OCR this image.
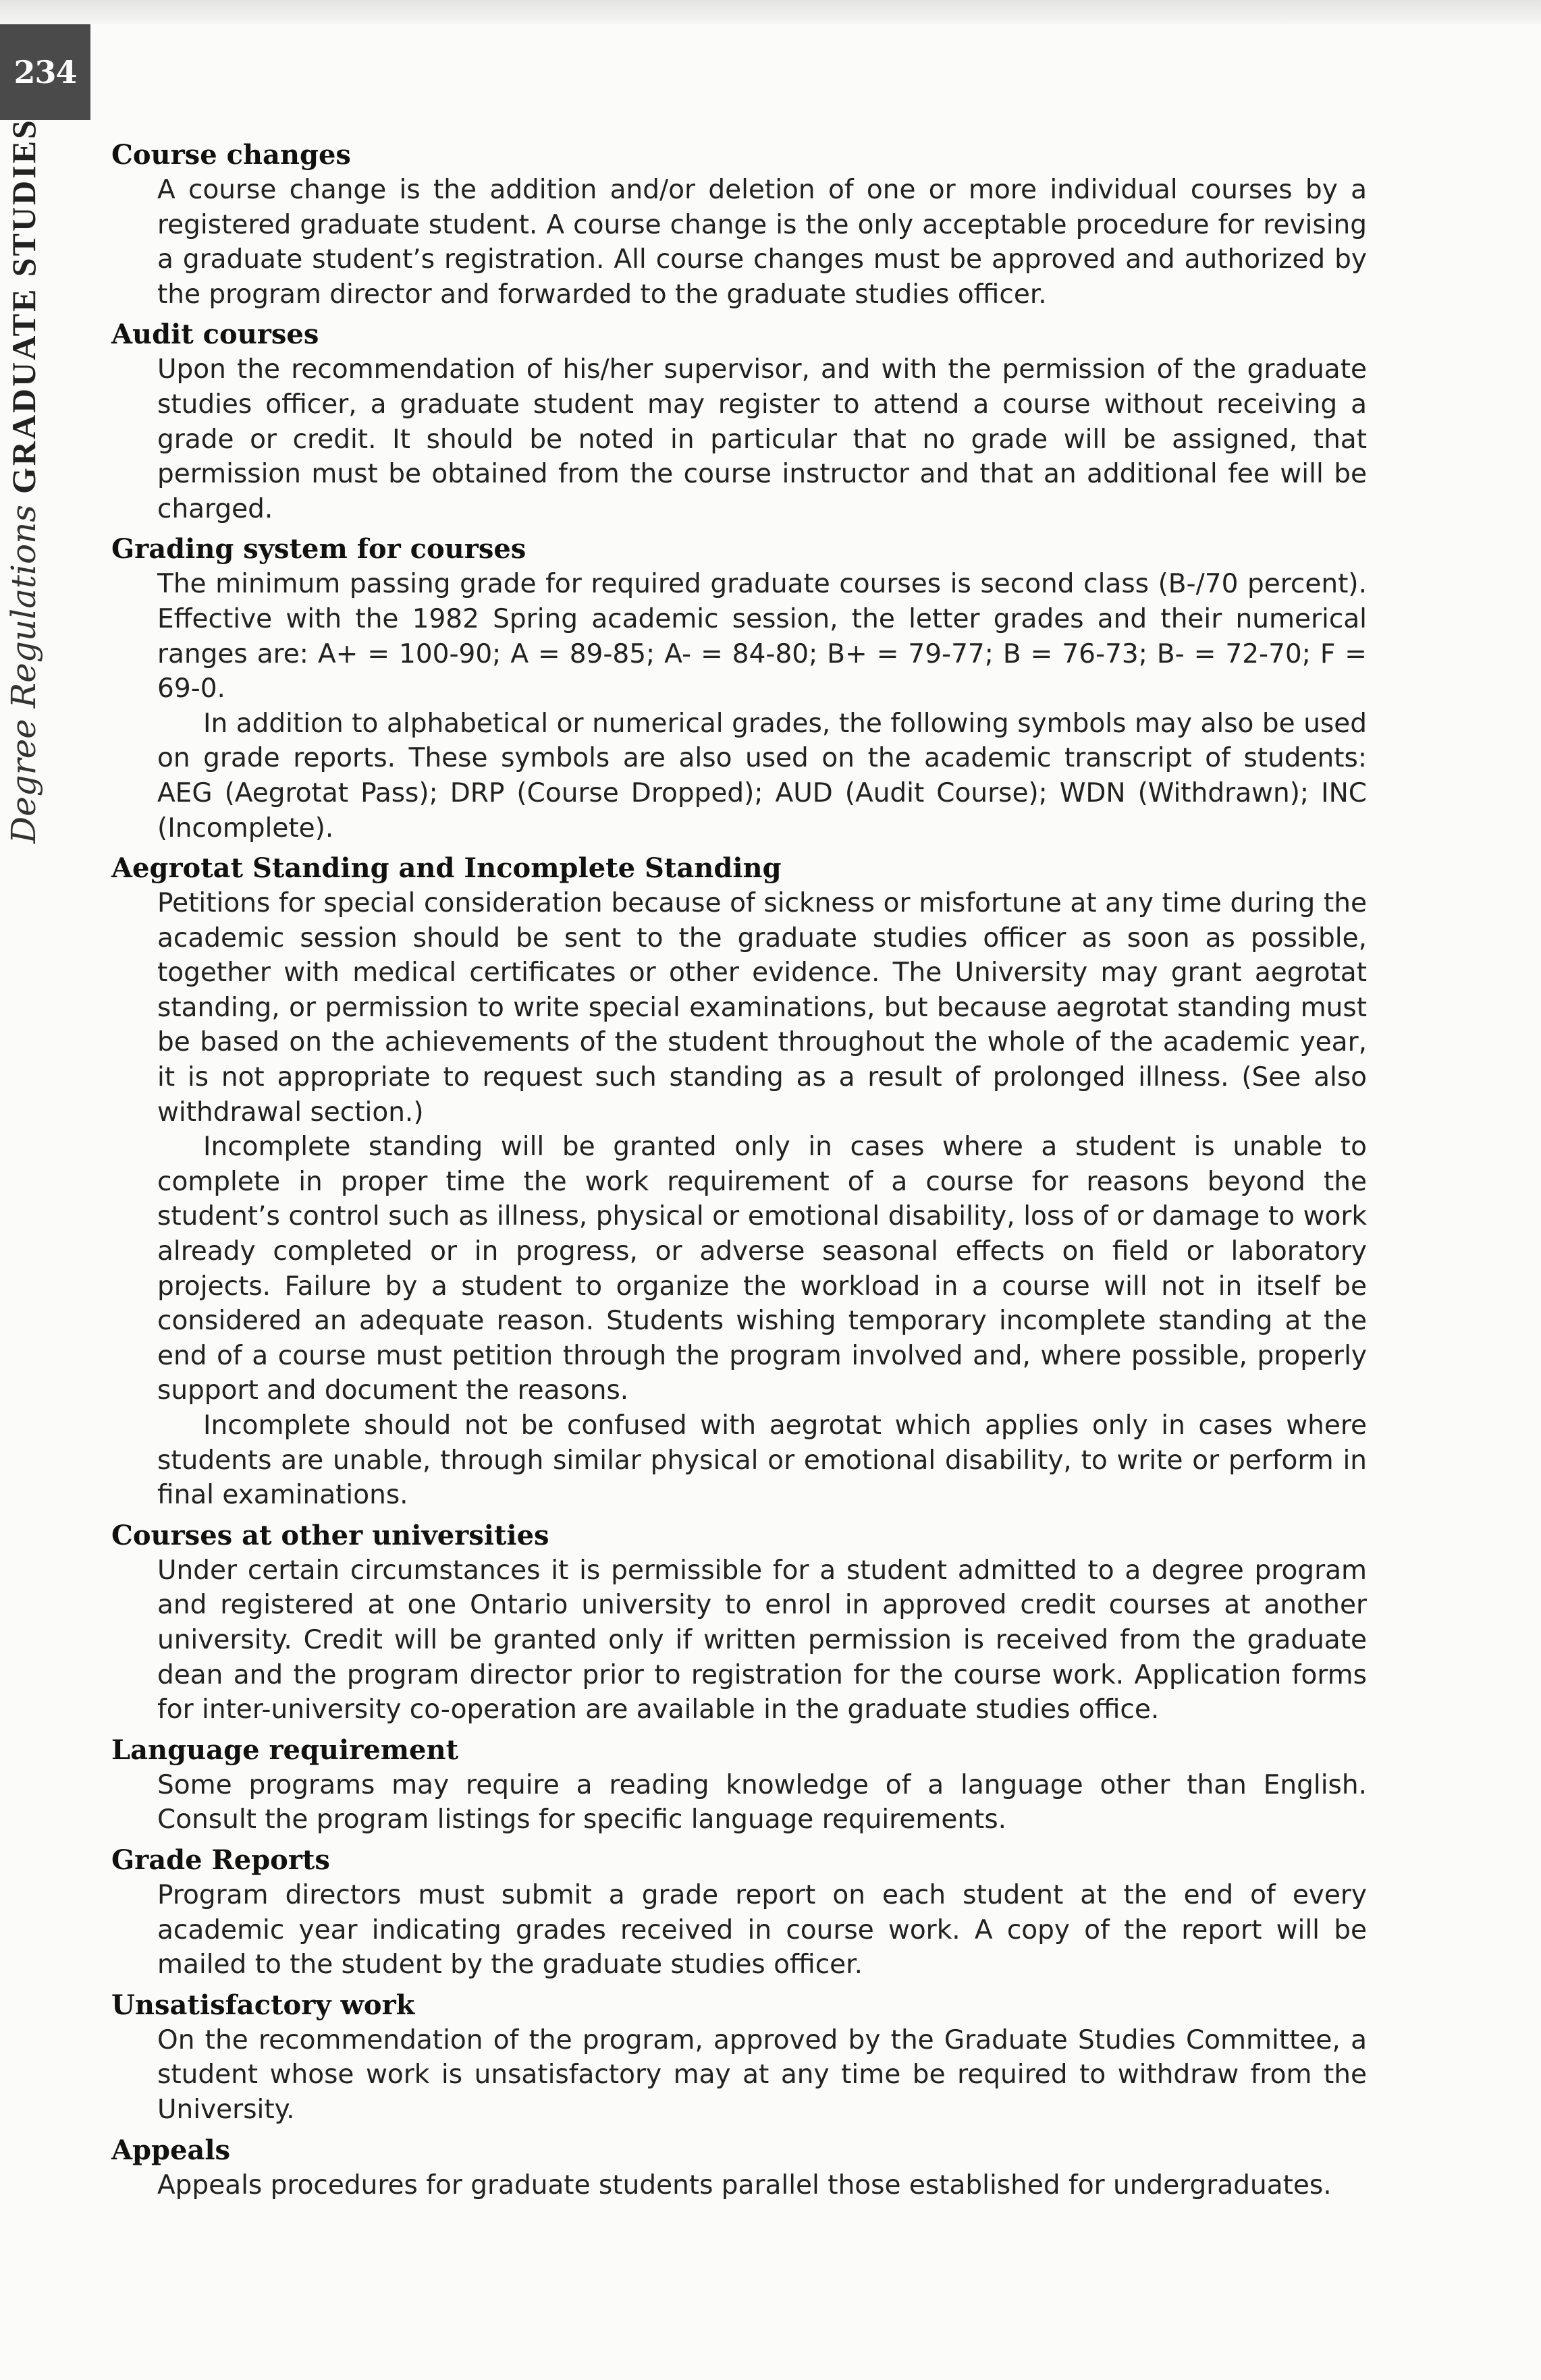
234
Degree RegulationsGRADUATE STUDIES	Course changes

A course change is the addition and/or deletion of one or more individual courses by a registered graduate student. A course change is the only acceptable procedure for revising a graduate student’s registration. All course changes must be approved and authorized by the program director and forwarded to the graduate studies officer.

Audit courses

Upon the recommendation of his/her supervisor, and with the permission of the graduate studies officer, a graduate student may register to attend a course without receiving a grade or credit. It should be noted in particular that no grade will be assigned, that permission must be obtained from the course instructor and that an additional fee will be charged.

Grading system for courses

The minimum passing grade for required graduate courses is second class (B-/70 percent). Effective with the 1982 Spring academic session, the letter grades and their numerical ranges are: A+ = 100-90; A = 89-85; A- = 84-80; B+ = 79-77; B = 76-73; B- = 72-70; F = 69-0.

In addition to alphabetical or numerical grades, the following symbols may also be used on grade reports. These symbols are also used on the academic transcript of students: AEG (Aegrotat Pass); DRP (Course Dropped); AUD (Audit Course); WDN (Withdrawn); INC (Incomplete).

Aegrotat Standing and Incomplete Standing

Petitions for special consideration because of sickness or misfortune at any time during the academic session should be sent to the graduate studies officer as soon as possible, together with medical certificates or other evidence. The University may grant aegrotat standing, or permission to write special examinations, but because aegrotat standing must be based on the achievements of the student throughout the whole of the academic year, it is not appropriate to request such standing as a result of prolonged illness. (See also withdrawal section.)

Incomplete standing will be granted only in cases where a student is unable to complete in proper time the work requirement of a course for reasons beyond the student’s control such as illness, physical or emotional disability, loss of or damage to work already completed or in progress, or adverse seasonal effects on field or laboratory projects. Failure by a student to organize the workload in a course will not in itself be considered an adequate reason. Students wishing temporary incomplete standing at the end of a course must petition through the program involved and, where possible, properly support and document the reasons.

Incomplete should not be confused with aegrotat which applies only in cases where students are unable, through similar physical or emotional disability, to write or perform in final examinations.

Courses at other universities

Under certain circumstances it is permissible for a student admitted to a degree program and registered at one Ontario university to enrol in approved credit courses at another university. Credit will be granted only if written permission is received from the graduate dean and the program director prior to registration for the course work. Application forms for inter-university co-operation are available in the graduate studies office.

Language requirement

Some programs may require a reading knowledge of a language other than English. Consult the program listings for specific language requirements.

Grade Reports

Program directors must submit a grade report on each student at the end of every academic year indicating grades received in course work. A copy of the report will be mailed to the student by the graduate studies officer.

Unsatisfactory work

On the recommendation of the program, approved by the Graduate Studies Committee, a student whose work is unsatisfactory may at any time be required to withdraw from the University.

Appeals

Appeals procedures for graduate students parallel those established for undergraduates.
